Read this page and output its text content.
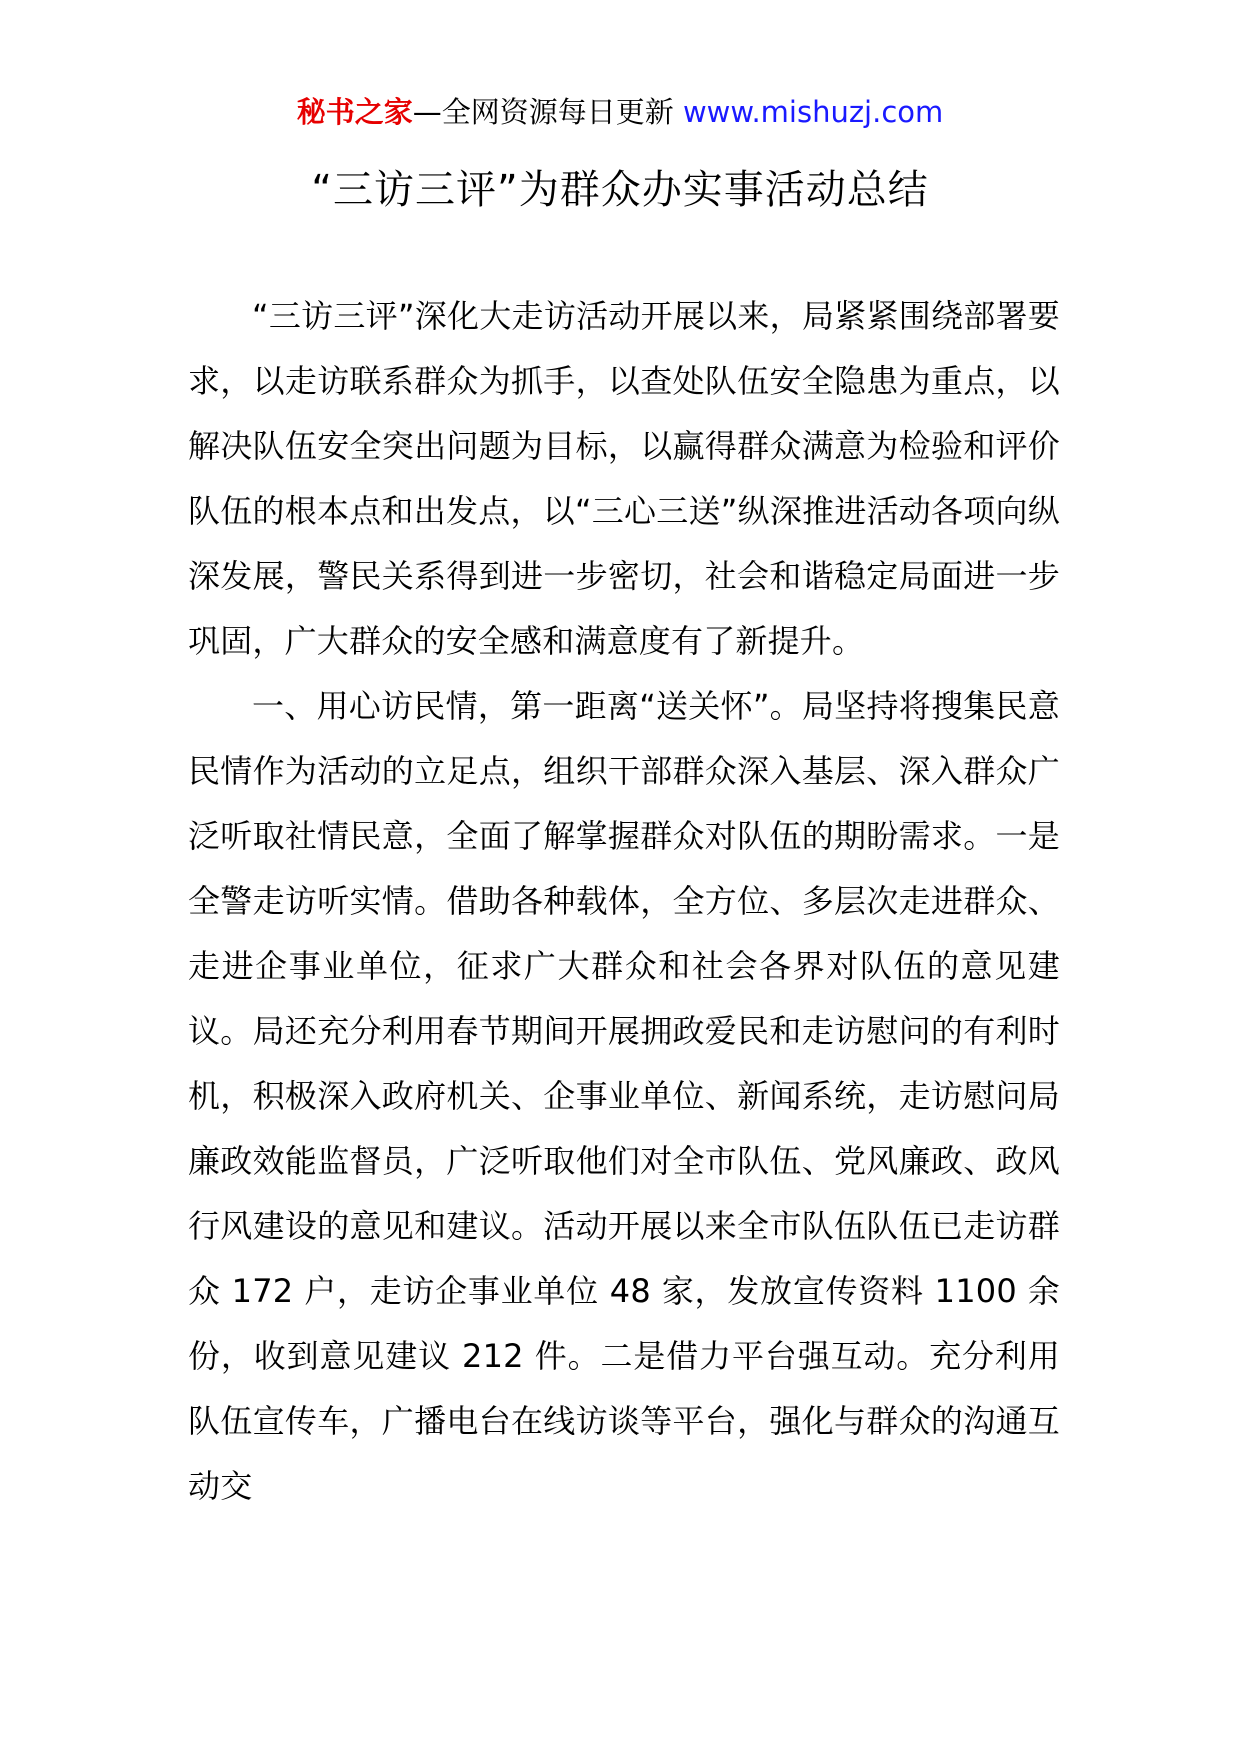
秘书之家—全网资源每日更新 www.mishuzj.com
“三访三评”为群众办实事活动总结

“三访三评”深化大走访活动开展以来，局紧紧围绕部署要求，以走访联系群众为抓手，以查处队伍安全隐患为重点，以解决队伍安全突出问题为目标，以赢得群众满意为检验和评价队伍的根本点和出发点，以“三心三送”纵深推进活动各项向纵深发展，警民关系得到进一步密切，社会和谐稳定局面进一步巩固，广大群众的安全感和满意度有了新提升。

一、用心访民情，第一距离“送关怀”。局坚持将搜集民意民情作为活动的立足点，组织干部群众深入基层、深入群众广泛听取社情民意，全面了解掌握群众对队伍的期盼需求。一是全警走访听实情。借助各种载体，全方位、多层次走进群众、走进企事业单位，征求广大群众和社会各界对队伍的意见建议。局还充分利用春节期间开展拥政爱民和走访慰问的有利时机，积极深入政府机关、企事业单位、新闻系统，走访慰问局廉政效能监督员，广泛听取他们对全市队伍、党风廉政、政风行风建设的意见和建议。活动开展以来全市队伍队伍已走访群众 172 户，走访企事业单位 48 家，发放宣传资料 1100 余份，收到意见建议 212 件。二是借力平台强互动。充分利用队伍宣传车，广播电台在线访谈等平台，强化与群众的沟通互动交
